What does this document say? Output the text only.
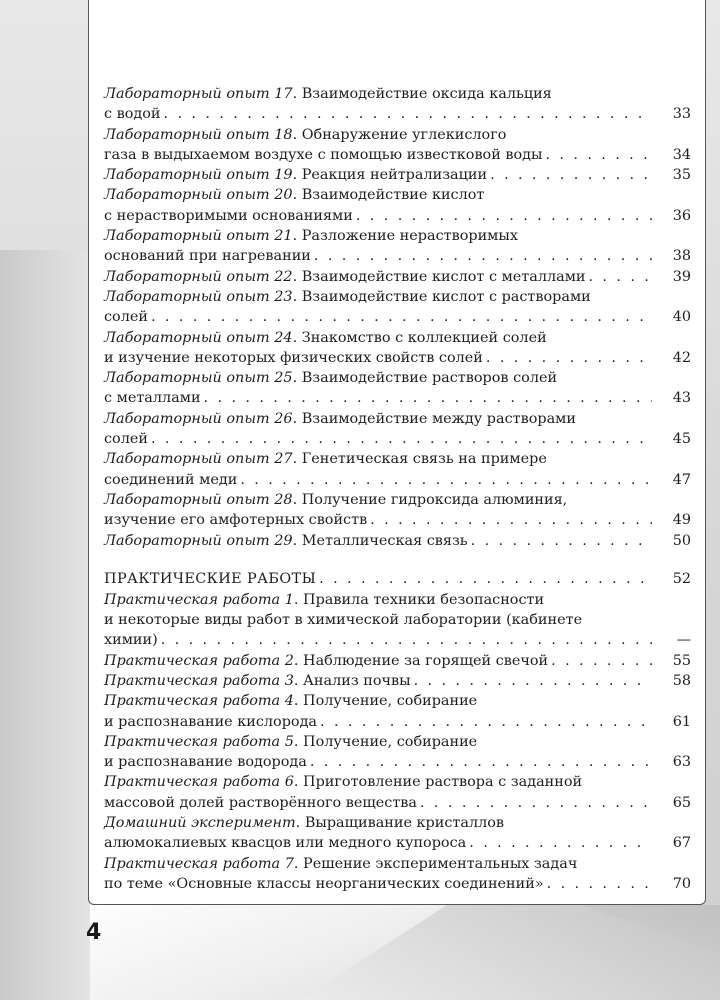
Лабораторный опыт 17. Взаимодействие оксида кальция
с водой . . .	33
Лабораторный опыт 18. Обнаружение углекислого
газа в выдыхаемом воздухе с помощью известковой воды . . .	34
Лабораторный опыт 19. Реакция нейтрализации . . .	35
Лабораторный опыт 20. Взаимодействие кислот
с нерастворимыми основаниями . . .	36
Лабораторный опыт 21. Разложение нерастворимых
оснований при нагревании . . .	38
Лабораторный опыт 22. Взаимодействие кислот с металлами . . .	39
Лабораторный опыт 23. Взаимодействие кислот с растворами
солей . . .	40
Лабораторный опыт 24. Знакомство с коллекцией солей
и изучение некоторых физических свойств солей . . .	42
Лабораторный опыт 25. Взаимодействие растворов солей
с металлами . . .	43
Лабораторный опыт 26. Взаимодействие между растворами
солей . . .	45
Лабораторный опыт 27. Генетическая связь на примере
соединений меди . . .	47
Лабораторный опыт 28. Получение гидроксида алюминия,
изучение его амфотерных свойств . . .	49
Лабораторный опыт 29. Металлическая связь . . .	50
ПРАКТИЧЕСКИЕ РАБОТЫ . . .	52
Практическая работа 1. Правила техники безопасности
и некоторые виды работ в химической лаборатории (кабинете
химии) . . .	—
Практическая работа 2. Наблюдение за горящей свечой . . .	55
Практическая работа 3. Анализ почвы . . .	58
Практическая работа 4. Получение, собирание
и распознавание кислорода . . .	61
Практическая работа 5. Получение, собирание
и распознавание водорода . . .	63
Практическая работа 6. Приготовление раствора с заданной
массовой долей растворённого вещества . . .	65
Домашний эксперимент. Выращивание кристаллов
алюмокалиевых квасцов или медного купороса . . .	67
Практическая работа 7. Решение экспериментальных задач
по теме «Основные классы неорганических соединений» . . .	70
4
